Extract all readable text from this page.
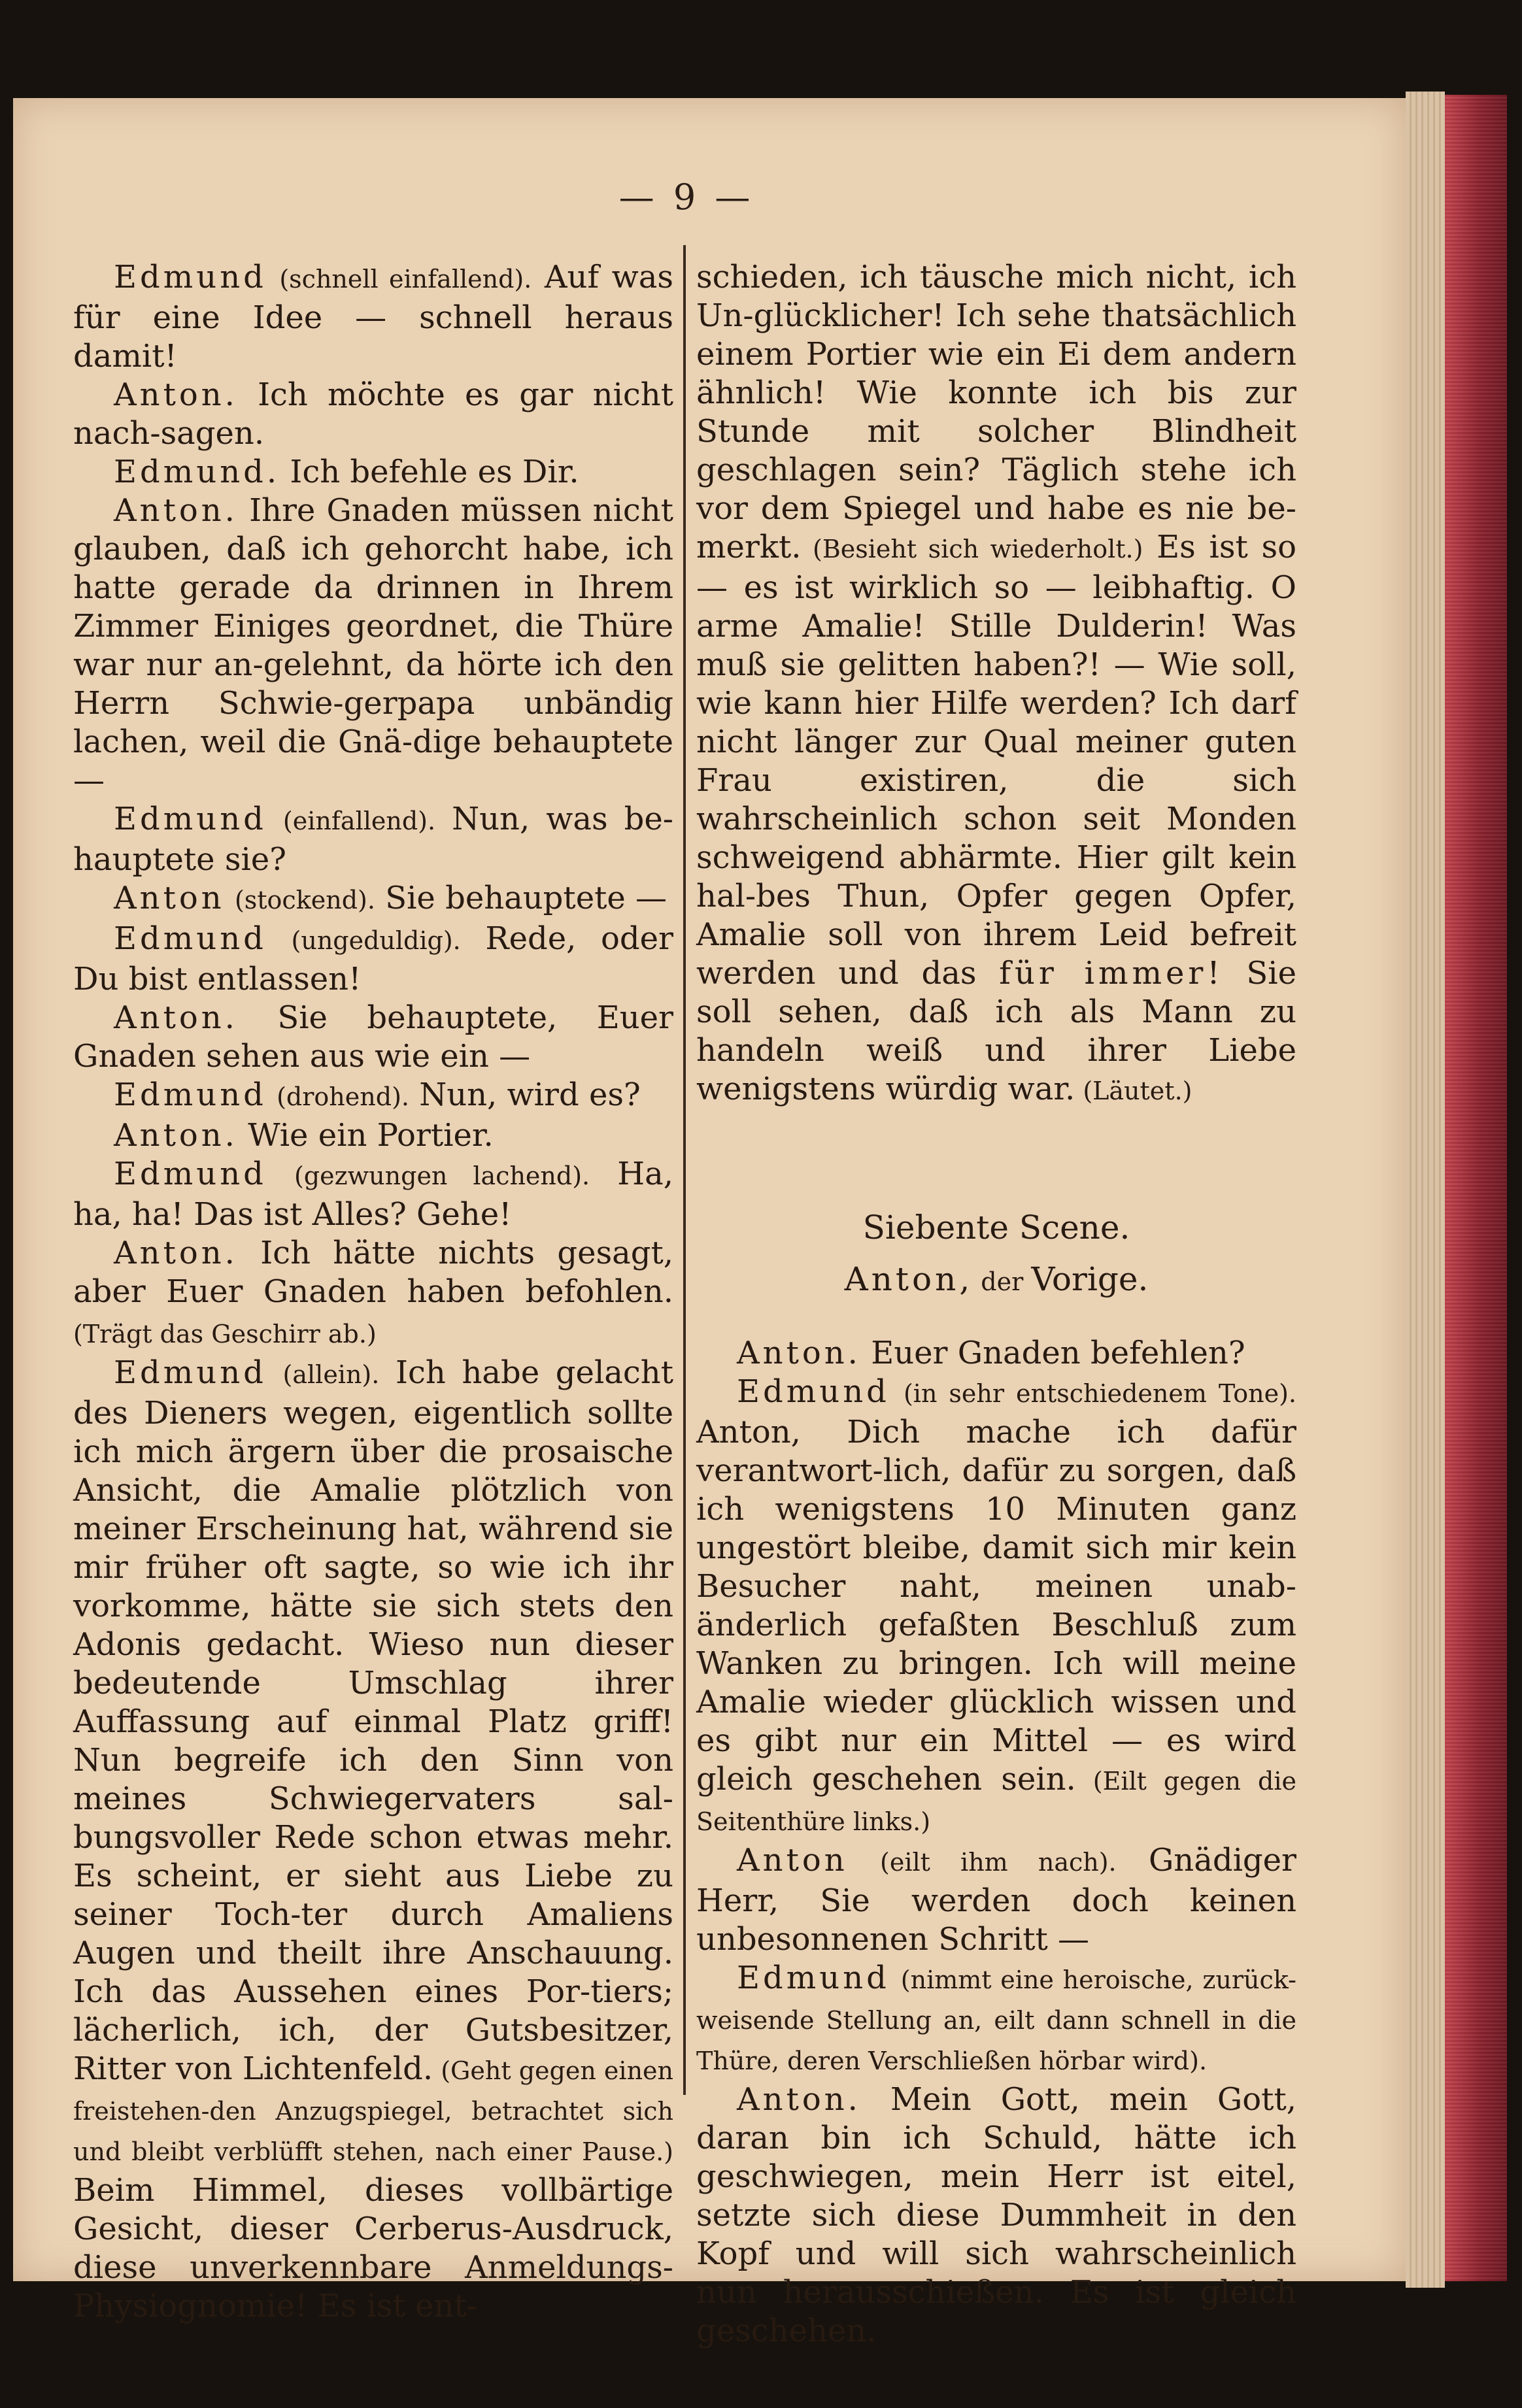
— 9 —

Edmund (schnell einfallend). Auf was für eine Idee — schnell heraus damit!

Anton. Ich möchte es gar nicht nach-sagen.

Edmund. Ich befehle es Dir.

Anton. Ihre Gnaden müssen nicht glauben, daß ich gehorcht habe, ich hatte gerade da drinnen in Ihrem Zimmer Einiges geordnet, die Thüre war nur an-gelehnt, da hörte ich den Herrn Schwie-gerpapa unbändig lachen, weil die Gnä-dige behauptete —

Edmund (einfallend). Nun, was be-hauptete sie?

Anton (stockend). Sie behauptete —

Edmund (ungeduldig). Rede, oder Du bist entlassen!

Anton. Sie behauptete, Euer Gnaden sehen aus wie ein —

Edmund (drohend). Nun, wird es?

Anton. Wie ein Portier.

Edmund (gezwungen lachend). Ha, ha, ha! Das ist Alles? Gehe!

Anton. Ich hätte nichts gesagt, aber Euer Gnaden haben befohlen. (Trägt das Geschirr ab.)

Edmund (allein). Ich habe gelacht des Dieners wegen, eigentlich sollte ich mich ärgern über die prosaische Ansicht, die Amalie plötzlich von meiner Erscheinung hat, während sie mir früher oft sagte, so wie ich ihr vorkomme, hätte sie sich stets den Adonis gedacht. Wieso nun dieser bedeutende Umschlag ihrer Auffassung auf einmal Platz griff! Nun begreife ich den Sinn von meines Schwiegervaters sal-bungsvoller Rede schon etwas mehr. Es scheint, er sieht aus Liebe zu seiner Toch-ter durch Amaliens Augen und theilt ihre Anschauung. Ich das Aussehen eines Por-tiers; lächerlich, ich, der Gutsbesitzer, Ritter von Lichtenfeld. (Geht gegen einen freistehen-den Anzugspiegel, betrachtet sich und bleibt verblüfft stehen, nach einer Pause.) Beim Himmel, dieses vollbärtige Gesicht, dieser Cerberus-Ausdruck, diese unverkennbare Anmeldungs-Physiognomie! Es ist ent-

schieden, ich täusche mich nicht, ich Un-glücklicher! Ich sehe thatsächlich einem Portier wie ein Ei dem andern ähnlich! Wie konnte ich bis zur Stunde mit solcher Blindheit geschlagen sein? Täglich stehe ich vor dem Spiegel und habe es nie be-merkt. (Besieht sich wiederholt.) Es ist so — es ist wirklich so — leibhaftig. O arme Amalie! Stille Dulderin! Was muß sie gelitten haben?! — Wie soll, wie kann hier Hilfe werden? Ich darf nicht länger zur Qual meiner guten Frau existiren, die sich wahrscheinlich schon seit Monden schweigend abhärmte. Hier gilt kein hal-bes Thun, Opfer gegen Opfer, Amalie soll von ihrem Leid befreit werden und das für immer! Sie soll sehen, daß ich als Mann zu handeln weiß und ihrer Liebe wenigstens würdig war. (Läutet.)

Siebente Scene.

Anton, der Vorige.

Anton. Euer Gnaden befehlen?

Edmund (in sehr entschiedenem Tone). Anton, Dich mache ich dafür verantwort-lich, dafür zu sorgen, daß ich wenigstens 10 Minuten ganz ungestört bleibe, damit sich mir kein Besucher naht, meinen unab-änderlich gefaßten Beschluß zum Wanken zu bringen. Ich will meine Amalie wieder glücklich wissen und es gibt nur ein Mittel — es wird gleich geschehen sein. (Eilt gegen die Seitenthüre links.)

Anton (eilt ihm nach). Gnädiger Herr, Sie werden doch keinen unbesonnenen Schritt —

Edmund (nimmt eine heroische, zurück-weisende Stellung an, eilt dann schnell in die Thüre, deren Verschließen hörbar wird).

Anton. Mein Gott, mein Gott, daran bin ich Schuld, hätte ich geschwiegen, mein Herr ist eitel, setzte sich diese Dummheit in den Kopf und will sich wahrscheinlich nun herausschießen. Es ist gleich geschehen.
